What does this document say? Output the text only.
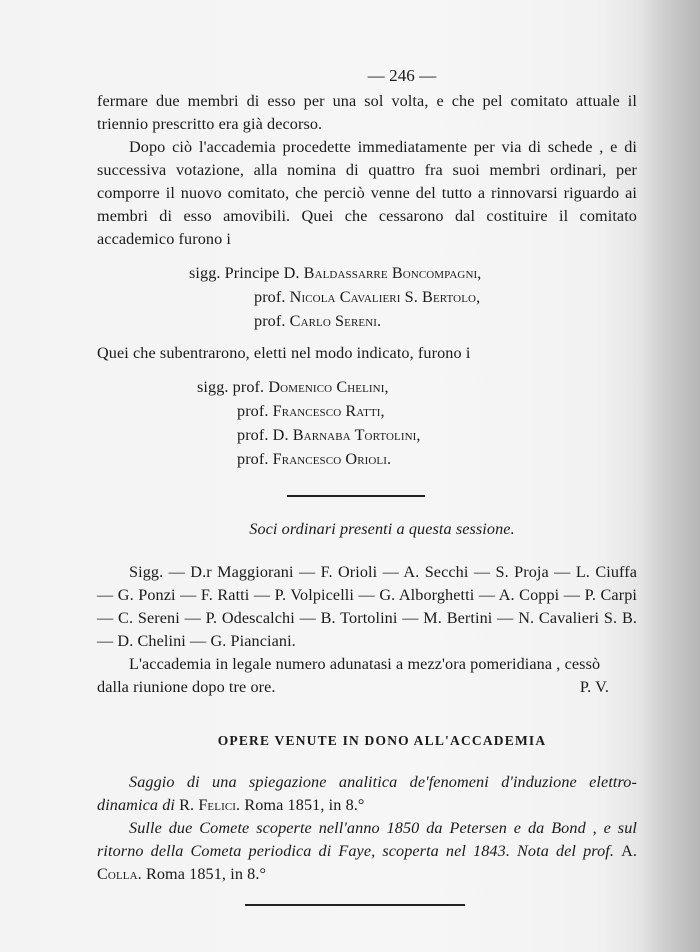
— 246 —

fermare due membri di esso per una sol volta, e che pel comitato attuale il triennio prescritto era già decorso.

Dopo ciò l'accademia procedette immediatamente per via di schede , e di successiva votazione, alla nomina di quattro fra suoi membri ordinari, per comporre il nuovo comitato, che perciò venne del tutto a rinnovarsi riguardo ai membri di esso amovibili. Quei che cessarono dal costituire il comitato accademico furono i

sigg. Principe D. Baldassarre Boncompagni,
prof. Nicola Cavalieri S. Bertolo,
prof. Carlo Sereni.
Quei che subentrarono, eletti nel modo indicato, furono i
sigg. prof. Domenico Chelini,
prof. Francesco Ratti,
prof. D. Barnaba Tortolini,
prof. Francesco Orioli.
Soci ordinari presenti a questa sessione.

Sigg. — D.r Maggiorani — F. Orioli — A. Secchi — S. Proja — L. Ciuffa — G. Ponzi — F. Ratti — P. Volpicelli — G. Alborghetti — A. Coppi — P. Carpi — C. Sereni — P. Odescalchi — B. Tortolini — M. Bertini — N. Cavalieri S. B. — D. Chelini — G. Pianciani.

L'accademia in legale numero adunatasi a mezz'ora pomeridiana , cessò

dalla riunione dopo tre ore.	P. V.
OPERE VENUTE IN DONO ALL'ACCADEMIA

Saggio di una spiegazione analitica de'fenomeni d'induzione elettro-dinamica di R. Felici. Roma 1851, in 8.°

Sulle due Comete scoperte nell'anno 1850 da Petersen e da Bond , e sul ritorno della Cometa periodica di Faye, scoperta nel 1843. Nota del prof. A. Colla. Roma 1851, in 8.°
